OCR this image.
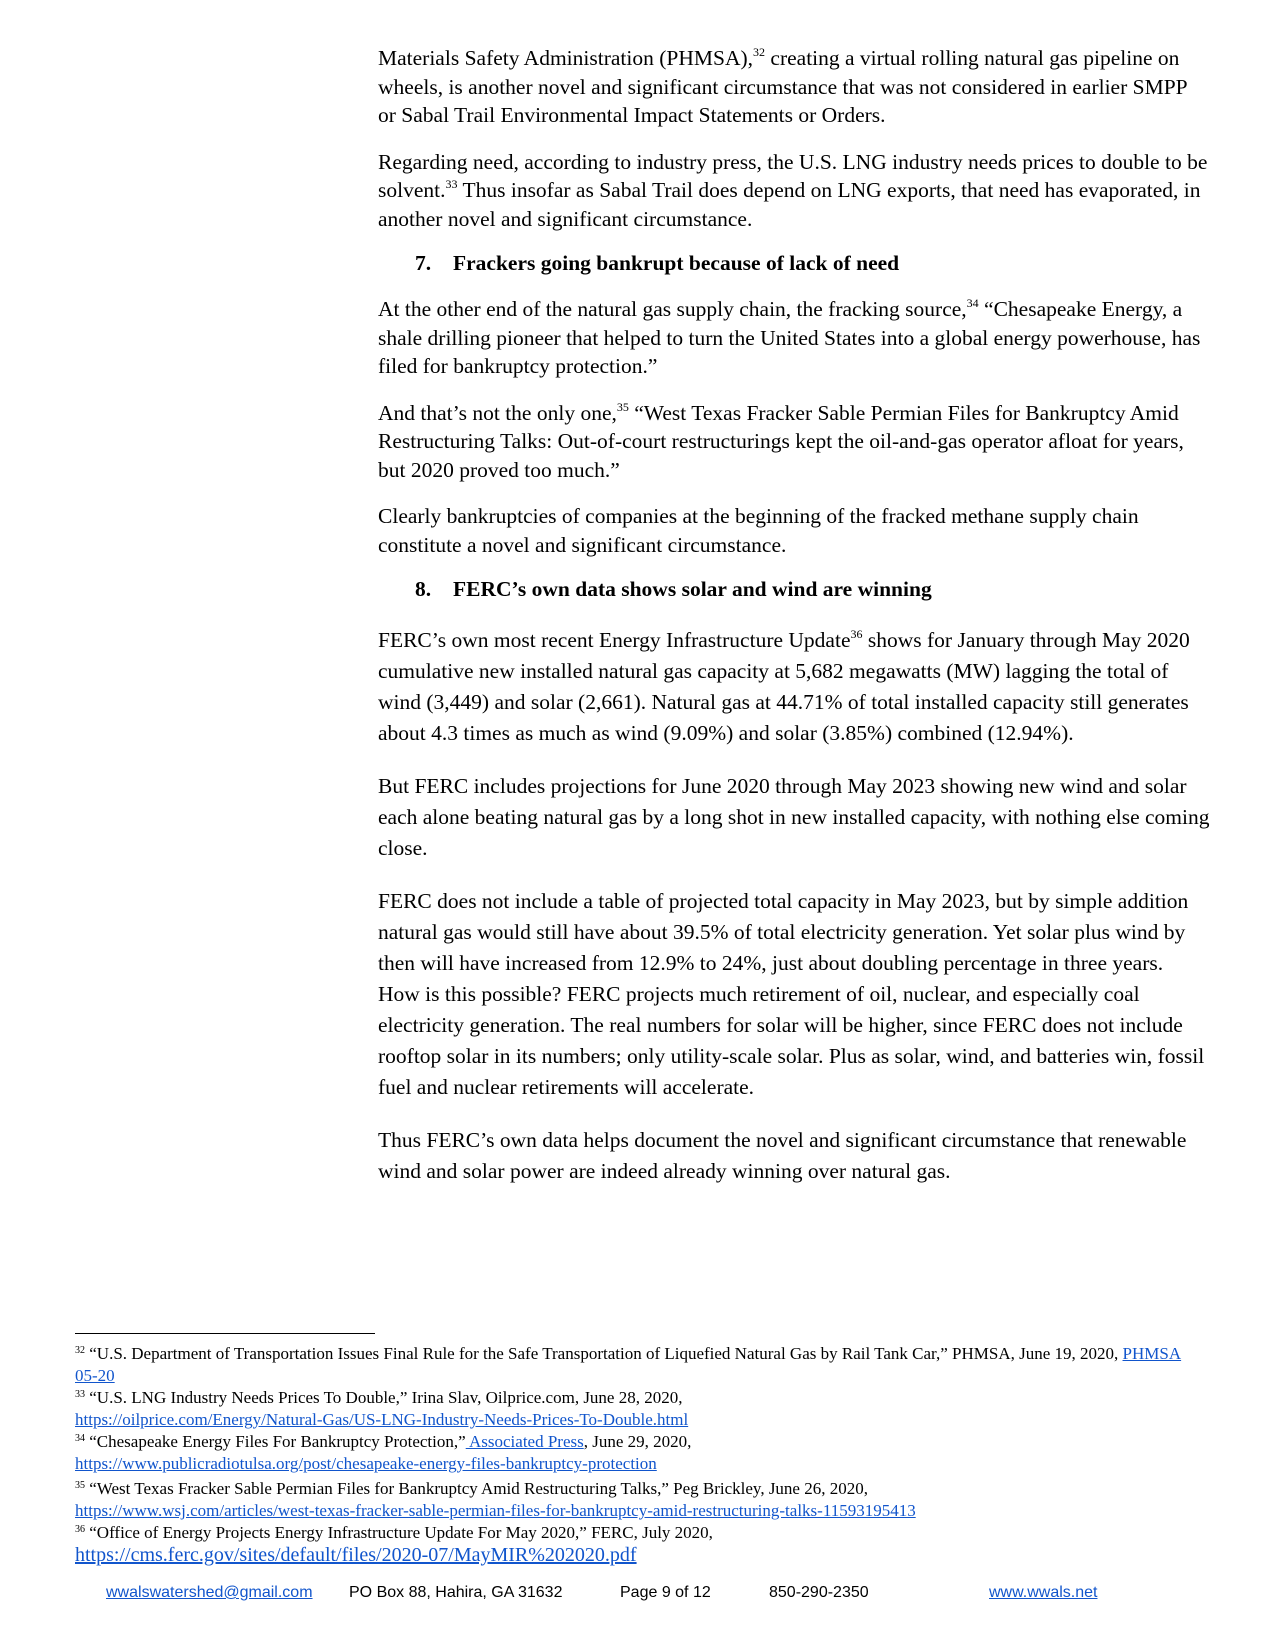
Materials Safety Administration (PHMSA),$^{32}$ creating a virtual rolling natural gas pipeline on wheels, is another novel and significant circumstance that was not considered in earlier SMPP or Sabal Trail Environmental Impact Statements or Orders.

Regarding need, according to industry press, the U.S. LNG industry needs prices to double to be solvent.$^{33}$ Thus insofar as Sabal Trail does depend on LNG exports, that need has evaporated, in another novel and significant circumstance.

7. Frackers going bankrupt because of lack of need

At the other end of the natural gas supply chain, the fracking source,$^{34}$ “Chesapeake Energy, a shale drilling pioneer that helped to turn the United States into a global energy powerhouse, has filed for bankruptcy protection.”

And that’s not the only one,$^{35}$ “West Texas Fracker Sable Permian Files for Bankruptcy Amid Restructuring Talks: Out-of-court restructurings kept the oil-and-gas operator afloat for years, but 2020 proved too much.”

Clearly bankruptcies of companies at the beginning of the fracked methane supply chain constitute a novel and significant circumstance.

8. FERC’s own data shows solar and wind are winning

FERC’s own most recent Energy Infrastructure Update$^{36}$ shows for January through May 2020 cumulative new installed natural gas capacity at 5,682 megawatts (MW) lagging the total of wind (3,449) and solar (2,661). Natural gas at 44.71% of total installed capacity still generates about 4.3 times as much as wind (9.09%) and solar (3.85%) combined (12.94%).

But FERC includes projections for June 2020 through May 2023 showing new wind and solar each alone beating natural gas by a long shot in new installed capacity, with nothing else coming close.

FERC does not include a table of projected total capacity in May 2023, but by simple addition natural gas would still have about 39.5% of total electricity generation. Yet solar plus wind by then will have increased from 12.9% to 24%, just about doubling percentage in three years. How is this possible? FERC projects much retirement of oil, nuclear, and especially coal electricity generation. The real numbers for solar will be higher, since FERC does not include rooftop solar in its numbers; only utility-scale solar. Plus as solar, wind, and batteries win, fossil fuel and nuclear retirements will accelerate.

Thus FERC’s own data helps document the novel and significant circumstance that renewable wind and solar power are indeed already winning over natural gas.

$^{32}$ “U.S. Department of Transportation Issues Final Rule for the Safe Transportation of Liquefied Natural Gas by Rail Tank Car,” PHMSA, June 19, 2020, PHMSA 05-20

$^{33}$ “U.S. LNG Industry Needs Prices To Double,” Irina Slav, Oilprice.com, June 28, 2020,
https://oilprice.com/Energy/Natural-Gas/US-LNG-Industry-Needs-Prices-To-Double.html

$^{34}$ “Chesapeake Energy Files For Bankruptcy Protection,” Associated Press, June 29, 2020,
https://www.publicradiotulsa.org/post/chesapeake-energy-files-bankruptcy-protection

$^{35}$ “West Texas Fracker Sable Permian Files for Bankruptcy Amid Restructuring Talks,” Peg Brickley, June 26, 2020,
https://www.wsj.com/articles/west-texas-fracker-sable-permian-files-for-bankruptcy-amid-restructuring-talks-11593195413

$^{36}$ “Office of Energy Projects Energy Infrastructure Update For May 2020,” FERC, July 2020,
https://cms.ferc.gov/sites/default/files/2020-07/MayMIR%202020.pdf

wwalswatershed@gmail.com PO Box 88, Hahira, GA 31632	Page 9 of 12	850-290-2350	www.wwals.net
